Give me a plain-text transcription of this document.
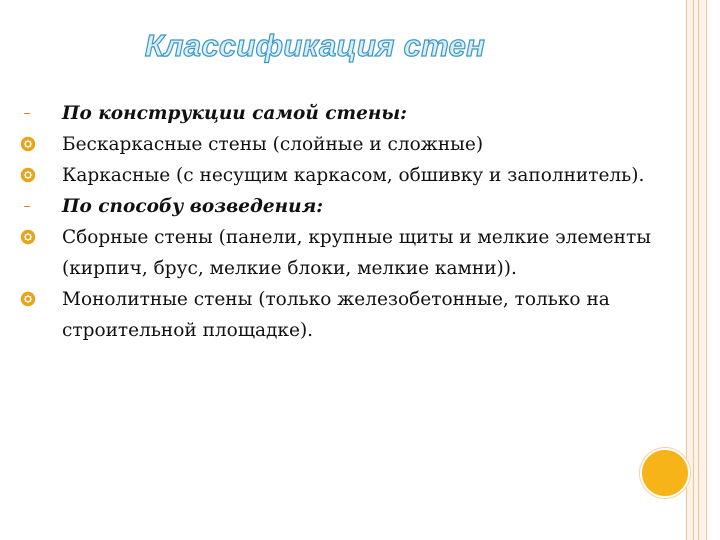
Классификация стен
По конструкции самой стены:
Бескаркасные стены (слойные и сложные)
Каркасные (с несущим каркасом, обшивку и заполнитель).
По способу возведения:
Сборные стены (панели, крупные щиты и мелкие элементы (кирпич, брус, мелкие блоки, мелкие камни)).
Монолитные стены (только железобетонные, только на строительной площадке).
